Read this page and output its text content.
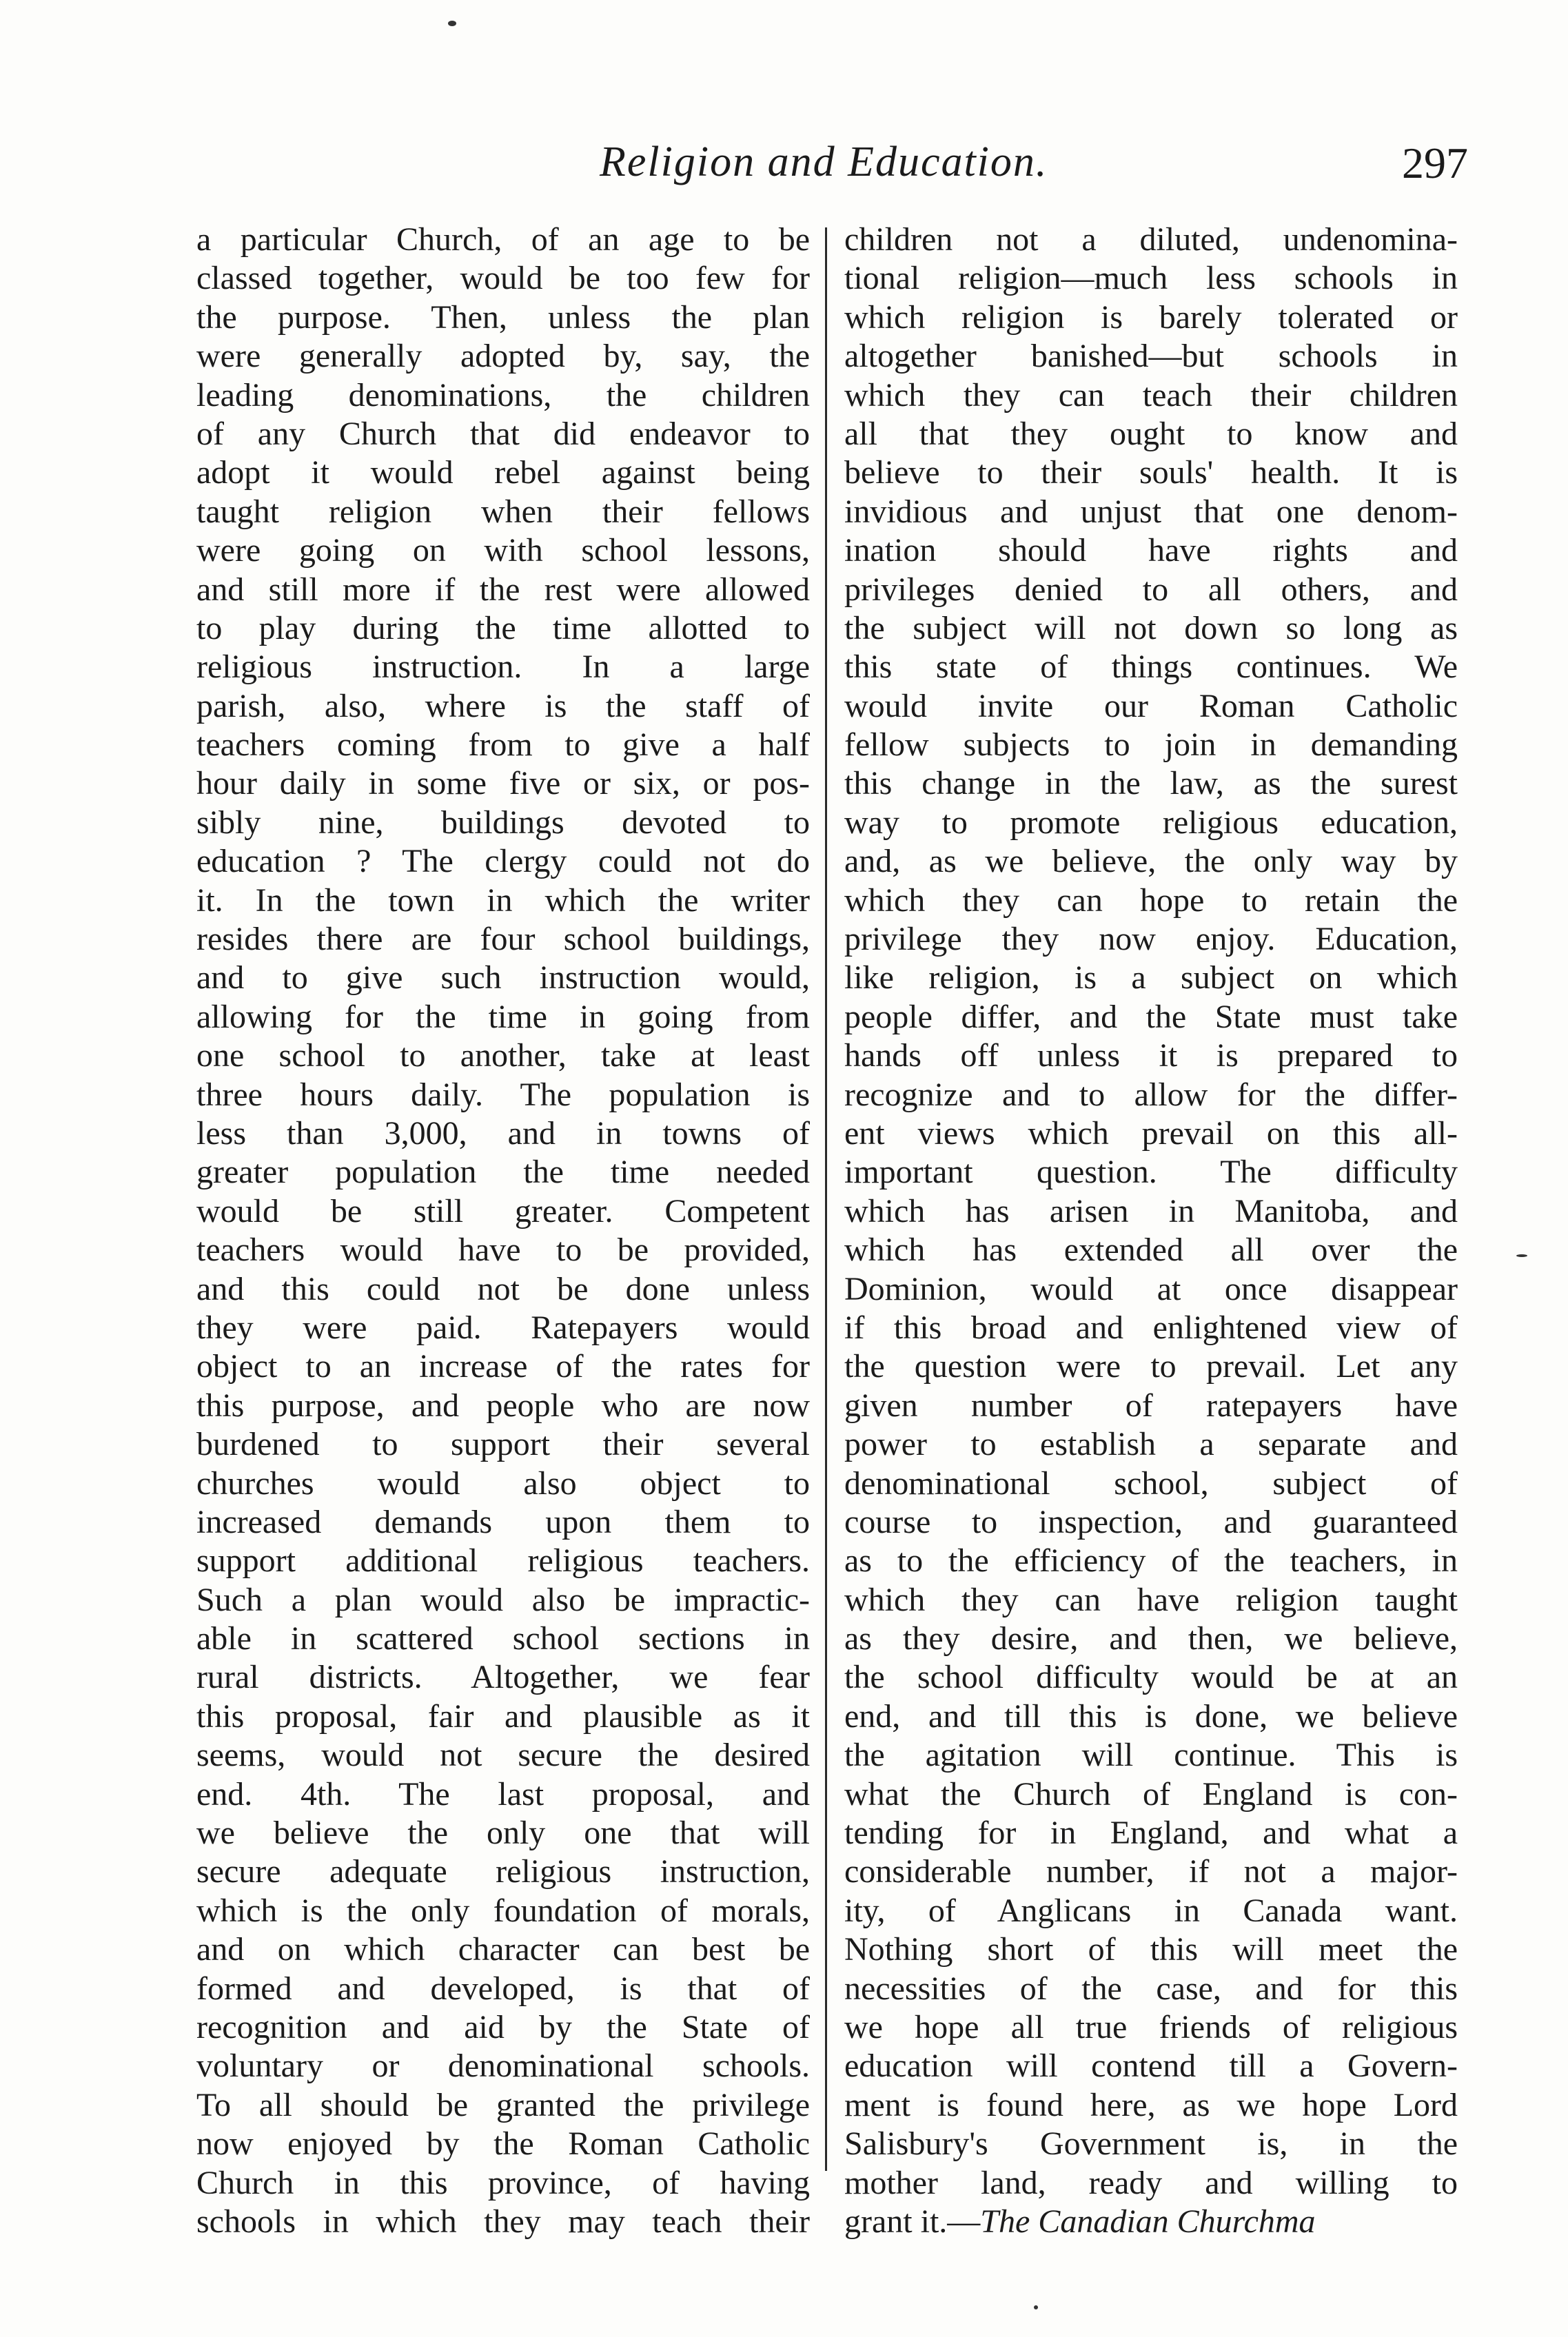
Religion and Education.	297
a particular Church, of an age to be
classed together, would be too few for
the purpose. Then, unless the plan
were generally adopted by, say, the
leading denominations, the children
of any Church that did endeavor to
adopt it would rebel against being
taught religion when their fellows
were going on with school lessons,
and still more if the rest were allowed
to play during the time allotted to
religious instruction. In a large
parish, also, where is the staff of
teachers coming from to give a half
hour daily in some five or six, or pos-
sibly nine, buildings devoted to
education ? The clergy could not do
it. In the town in which the writer
resides there are four school buildings,
and to give such instruction would,
allowing for the time in going from
one school to another, take at least
three hours daily. The population is
less than 3,000, and in towns of
greater population the time needed
would be still greater. Competent
teachers would have to be provided,
and this could not be done unless
they were paid. Ratepayers would
object to an increase of the rates for
this purpose, and people who are now
burdened to support their several
churches would also object to
increased demands upon them to
support additional religious teachers.
Such a plan would also be impractic-
able in scattered school sections in
rural districts. Altogether, we fear
this proposal, fair and plausible as it
seems, would not secure the desired
end. 4th. The last proposal, and
we believe the only one that will
secure adequate religious instruction,
which is the only foundation of morals,
and on which character can best be
formed and developed, is that of
recognition and aid by the State of
voluntary or denominational schools.
To all should be granted the privilege
now enjoyed by the Roman Catholic
Church in this province, of having
schools in which they may teach their
children not a diluted, undenomina-
tional religion—much less schools in
which religion is barely tolerated or
altogether banished—but schools in
which they can teach their children
all that they ought to know and
believe to their souls' health. It is
invidious and unjust that one denom-
ination should have rights and
privileges denied to all others, and
the subject will not down so long as
this state of things continues. We
would invite our Roman Catholic
fellow subjects to join in demanding
this change in the law, as the surest
way to promote religious education,
and, as we believe, the only way by
which they can hope to retain the
privilege they now enjoy. Education,
like religion, is a subject on which
people differ, and the State must take
hands off unless it is prepared to
recognize and to allow for the differ-
ent views which prevail on this all-
important question. The difficulty
which has arisen in Manitoba, and
which has extended all over the
Dominion, would at once disappear
if this broad and enlightened view of
the question were to prevail. Let any
given number of ratepayers have
power to establish a separate and
denominational school, subject of
course to inspection, and guaranteed
as to the efficiency of the teachers, in
which they can have religion taught
as they desire, and then, we believe,
the school difficulty would be at an
end, and till this is done, we believe
the agitation will continue. This is
what the Church of England is con-
tending for in England, and what a
considerable number, if not a major-
ity, of Anglicans in Canada want.
Nothing short of this will meet the
necessities of the case, and for this
we hope all true friends of religious
education will contend till a Govern-
ment is found here, as we hope Lord
Salisbury's Government is, in the
mother land, ready and willing to
grant it.—The Canadian Churchma
